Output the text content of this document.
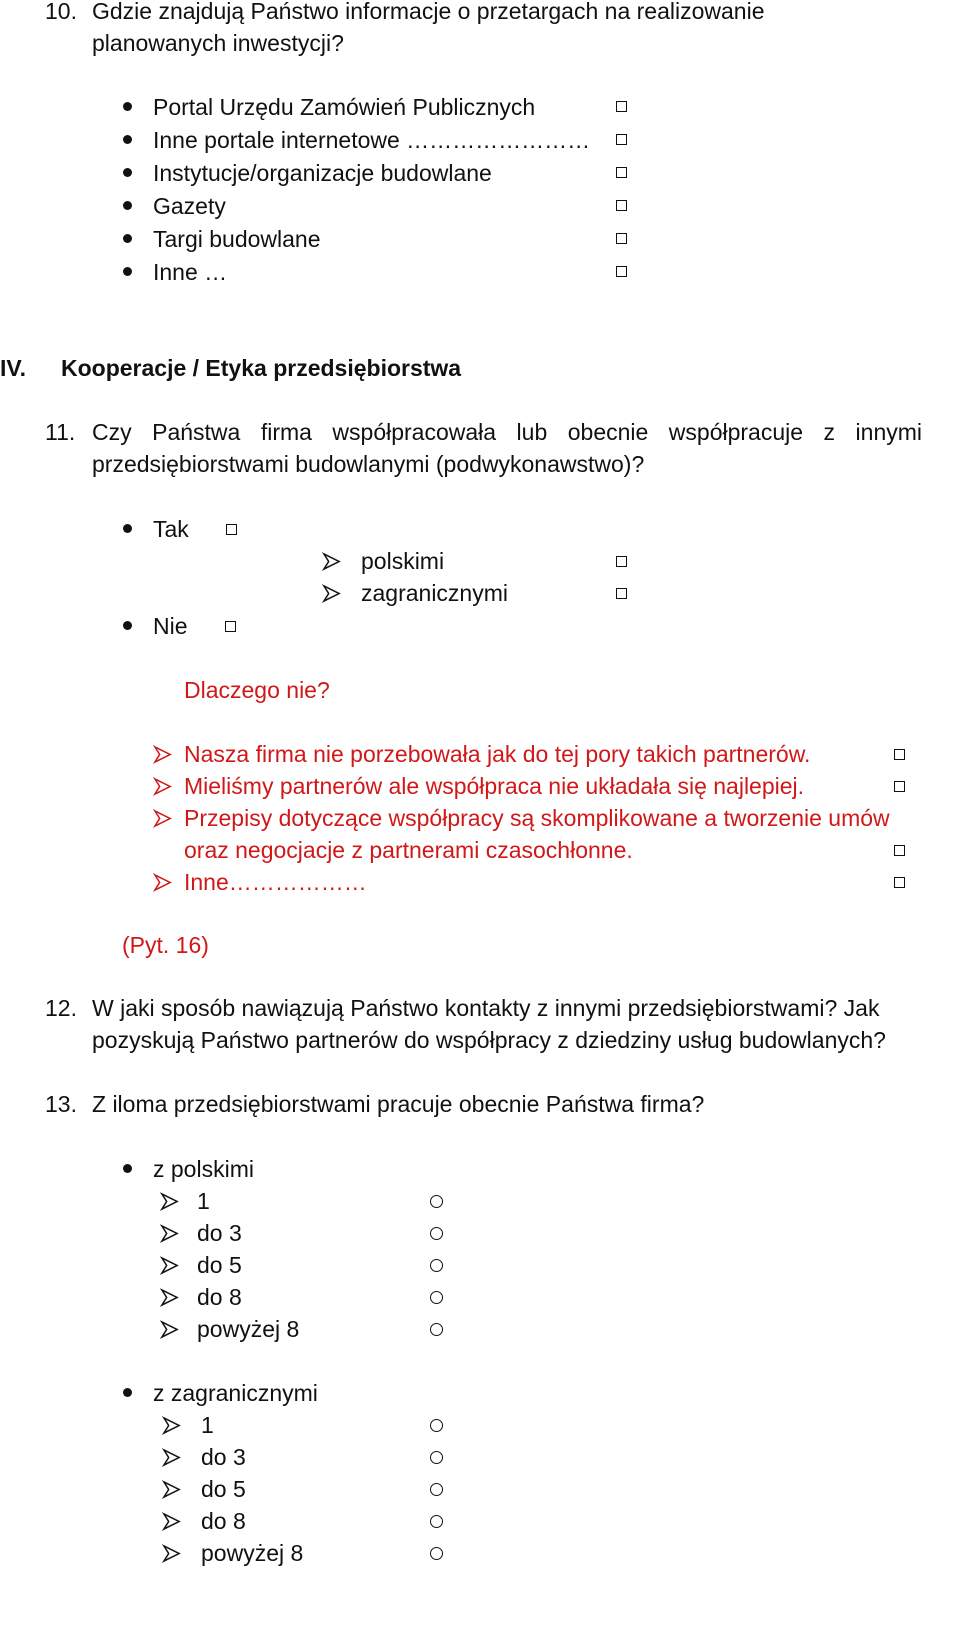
10. Gdzie znajdują Państwo informacje o przetargach na realizowanie
planowanych inwestycji?
Portal Urzędu Zamówień Publicznych
Inne portale internetowe ……………………
Instytucje/organizacje budowlane
Gazety
Targi budowlane
Inne …
IV. Kooperacje / Etyka przedsiębiorstwa
11. Czy Państwa firma współpracowała lub obecnie współpracuje z innymi
przedsiębiorstwami budowlanymi (podwykonawstwo)?
Tak
polskimi
zagranicznymi
Nie
Dlaczego nie?
Nasza firma nie porzebowała jak do tej pory takich partnerów.
Mieliśmy partnerów ale współpraca nie układała się najlepiej.
Przepisy dotyczące współpracy są skomplikowane a tworzenie umów
oraz negocjacje z partnerami czasochłonne.
Inne………………
(Pyt. 16)
12. W jaki sposób nawiązują Państwo kontakty z innymi przedsiębiorstwami? Jak
pozyskują Państwo partnerów do współpracy z dziedziny usług budowlanych?
13. Z iloma przedsiębiorstwami pracuje obecnie Państwa firma?
z polskimi
1
do 3
do 5
do 8
powyżej 8
z zagranicznymi
1
do 3
do 5
do 8
powyżej 8
